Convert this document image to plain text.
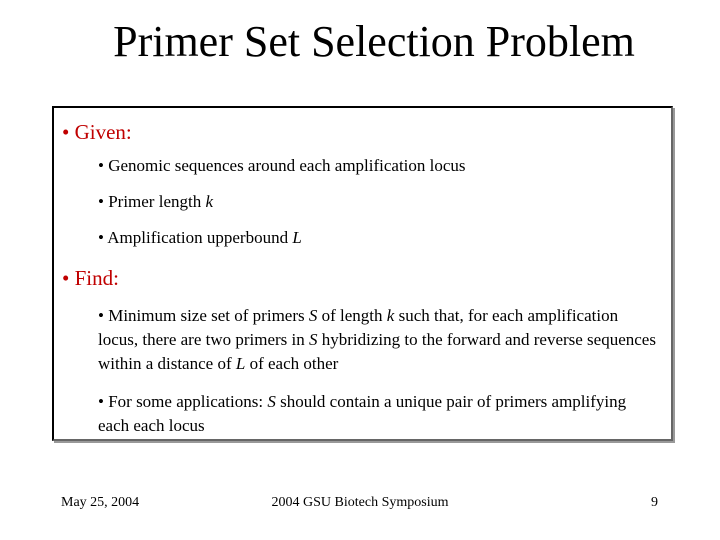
Primer Set Selection Problem
• Given:
• Genomic sequences around each amplification locus
• Primer length k
• Amplification upperbound L
• Find:
• Minimum size set of primers S of length k such that, for each amplification locus, there are two primers in S hybridizing to the forward and reverse sequences within a distance of L of each other
• For some applications: S should contain a unique pair of primers amplifying each each locus
May 25, 2004	2004 GSU Biotech Symposium	9
